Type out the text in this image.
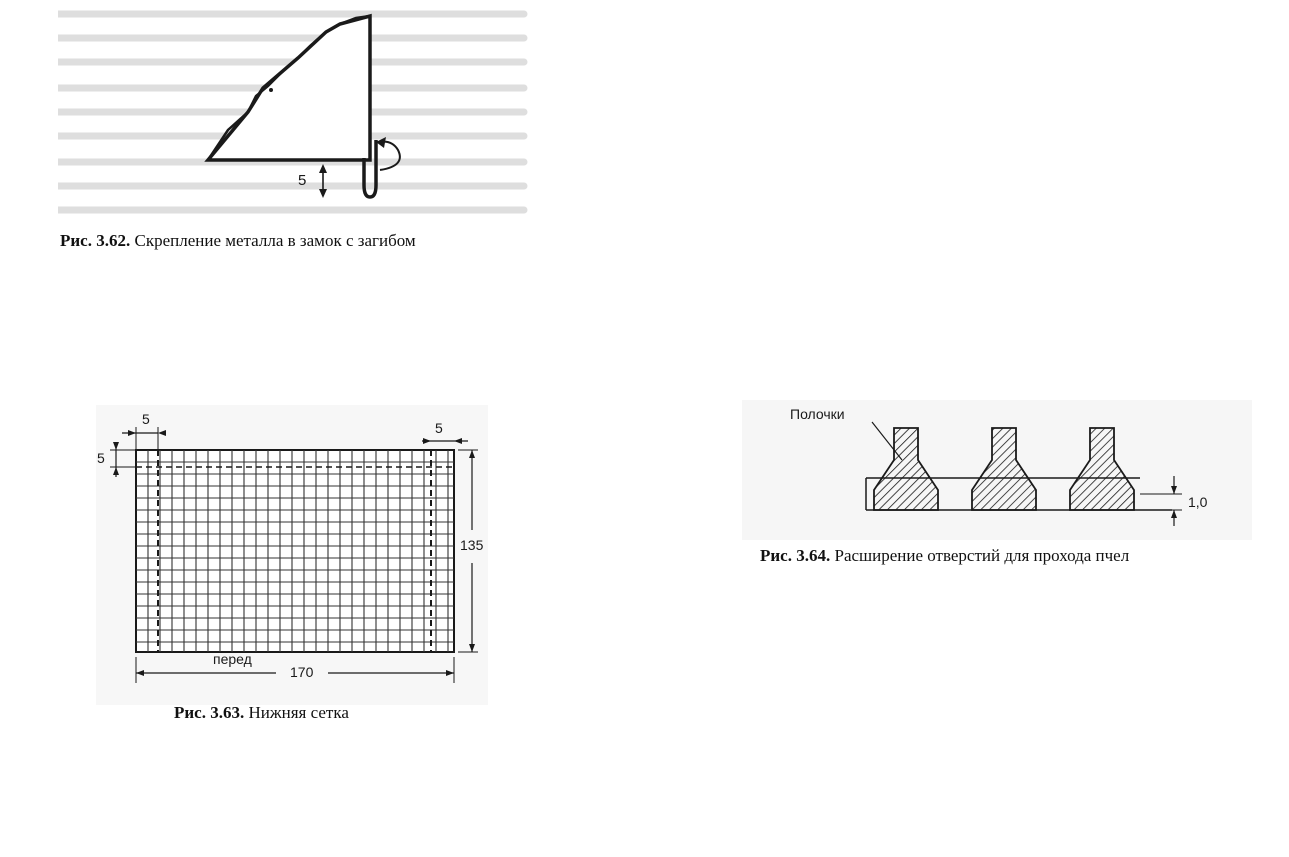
5
Рис. 3.62. Скрепление металла в замок с загибом
5
5
5
135
170
перед
Рис. 3.63. Нижняя сетка
Полочки
1,0
Рис. 3.64. Расширение отверстий для прохода пчел
